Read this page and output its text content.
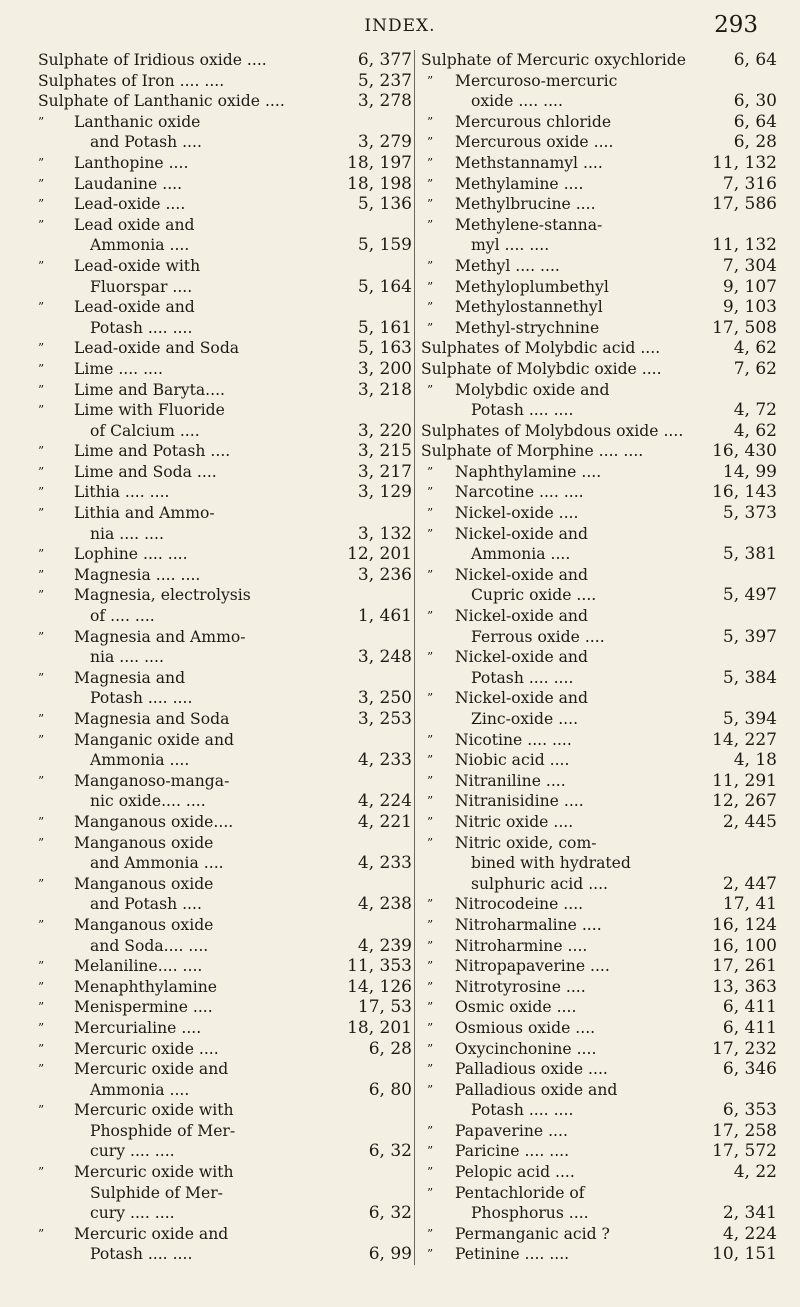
INDEX.	293
Sulphate of Iridious oxide ....	6, 377
Sulphates of Iron .... ....	5, 237
Sulphate of Lanthanic oxide ....	3, 278
”	Lanthanic oxide
and Potash ....	3, 279
”	Lanthopine ....	18, 197
”	Laudanine ....	18, 198
”	Lead-oxide ....	5, 136
”	Lead oxide and
Ammonia ....	5, 159
”	Lead-oxide with
Fluorspar ....	5, 164
”	Lead-oxide and
Potash .... ....	5, 161
”	Lead-oxide and Soda	5, 163
”	Lime .... ....	3, 200
”	Lime and Baryta....	3, 218
”	Lime with Fluoride
of Calcium ....	3, 220
”	Lime and Potash ....	3, 215
”	Lime and Soda ....	3, 217
”	Lithia .... ....	3, 129
”	Lithia and Ammo-
nia .... ....	3, 132
”	Lophine .... ....	12, 201
”	Magnesia .... ....	3, 236
”	Magnesia, electrolysis
of .... ....	1, 461
”	Magnesia and Ammo-
nia .... ....	3, 248
”	Magnesia and
Potash .... ....	3, 250
”	Magnesia and Soda	3, 253
”	Manganic oxide and
Ammonia ....	4, 233
”	Manganoso-manga-
nic oxide.... ....	4, 224
”	Manganous oxide....	4, 221
”	Manganous oxide
and Ammonia ....	4, 233
”	Manganous oxide
and Potash ....	4, 238
”	Manganous oxide
and Soda.... ....	4, 239
”	Melaniline.... ....	11, 353
”	Menaphthylamine	14, 126
”	Menispermine ....	17, 53
”	Mercurialine ....	18, 201
”	Mercuric oxide ....	6, 28
”	Mercuric oxide and
Ammonia ....	6, 80
”	Mercuric oxide with
Phosphide of Mer-
cury .... ....	6, 32
”	Mercuric oxide with
Sulphide of Mer-
cury .... ....	6, 32
”	Mercuric oxide and
Potash .... ....	6, 99
Sulphate of Mercuric oxychloride	6, 64
”	Mercuroso-mercuric
oxide .... ....	6, 30
”	Mercurous chloride	6, 64
”	Mercurous oxide ....	6, 28
”	Methstannamyl ....	11, 132
”	Methylamine ....	7, 316
”	Methylbrucine ....	17, 586
”	Methylene-stanna-
myl .... ....	11, 132
”	Methyl .... ....	7, 304
”	Methyloplumbethyl	9, 107
”	Methylostannethyl	9, 103
”	Methyl-strychnine	17, 508
Sulphates of Molybdic acid ....	4, 62
Sulphate of Molybdic oxide ....	7, 62
”	Molybdic oxide and
Potash .... ....	4, 72
Sulphates of Molybdous oxide ....	4, 62
Sulphate of Morphine .... ....	16, 430
”	Naphthylamine ....	14, 99
”	Narcotine .... ....	16, 143
”	Nickel-oxide ....	5, 373
”	Nickel-oxide and
Ammonia ....	5, 381
”	Nickel-oxide and
Cupric oxide ....	5, 497
”	Nickel-oxide and
Ferrous oxide ....	5, 397
”	Nickel-oxide and
Potash .... ....	5, 384
”	Nickel-oxide and
Zinc-oxide ....	5, 394
”	Nicotine .... ....	14, 227
”	Niobic acid ....	4, 18
”	Nitraniline ....	11, 291
”	Nitranisidine ....	12, 267
”	Nitric oxide ....	2, 445
”	Nitric oxide, com-
bined with hydrated
sulphuric acid ....	2, 447
”	Nitrocodeine ....	17, 41
”	Nitroharmaline ....	16, 124
”	Nitroharmine ....	16, 100
”	Nitropapaverine ....	17, 261
”	Nitrotyrosine ....	13, 363
”	Osmic oxide ....	6, 411
”	Osmious oxide ....	6, 411
”	Oxycinchonine ....	17, 232
”	Palladious oxide ....	6, 346
”	Palladious oxide and
Potash .... ....	6, 353
”	Papaverine ....	17, 258
”	Paricine .... ....	17, 572
”	Pelopic acid ....	4, 22
”	Pentachloride of
Phosphorus ....	2, 341
”	Permanganic acid ?	4, 224
”	Petinine .... ....	10, 151
